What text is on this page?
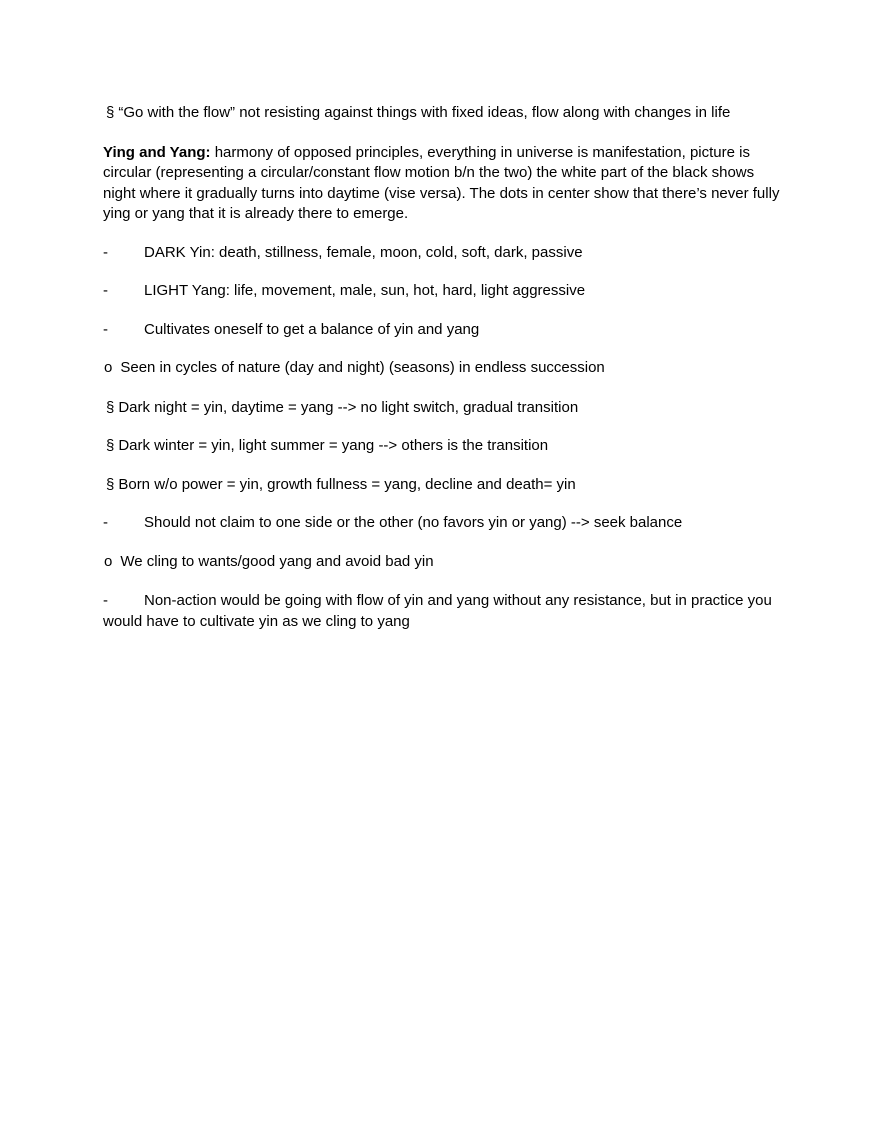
§ “Go with the flow” not resisting against things with fixed ideas, flow along with changes in life

Ying and Yang: harmony of opposed principles, everything in universe is manifestation, picture is circular (representing a circular/constant flow motion b/n the two) the white part of the black shows night where it gradually turns into daytime (vise versa). The dots in center show that there’s never fully ying or yang that it is already there to emerge.

-	DARK Yin: death, stillness, female, moon, cold, soft, dark, passive
-	LIGHT Yang: life, movement, male, sun, hot, hard, light aggressive
-	Cultivates oneself to get a balance of yin and yang

o Seen in cycles of nature (day and night) (seasons) in endless succession

§ Dark night = yin, daytime = yang --> no light switch, gradual transition

§ Dark winter = yin, light summer = yang --> others is the transition

§ Born w/o power = yin, growth fullness = yang, decline and death= yin

-	Should not claim to one side or the other (no favors yin or yang) --> seek balance

o We cling to wants/good yang and avoid bad yin

- Non-action would be going with flow of yin and yang without any resistance, but in practice you would have to cultivate yin as we cling to yang
